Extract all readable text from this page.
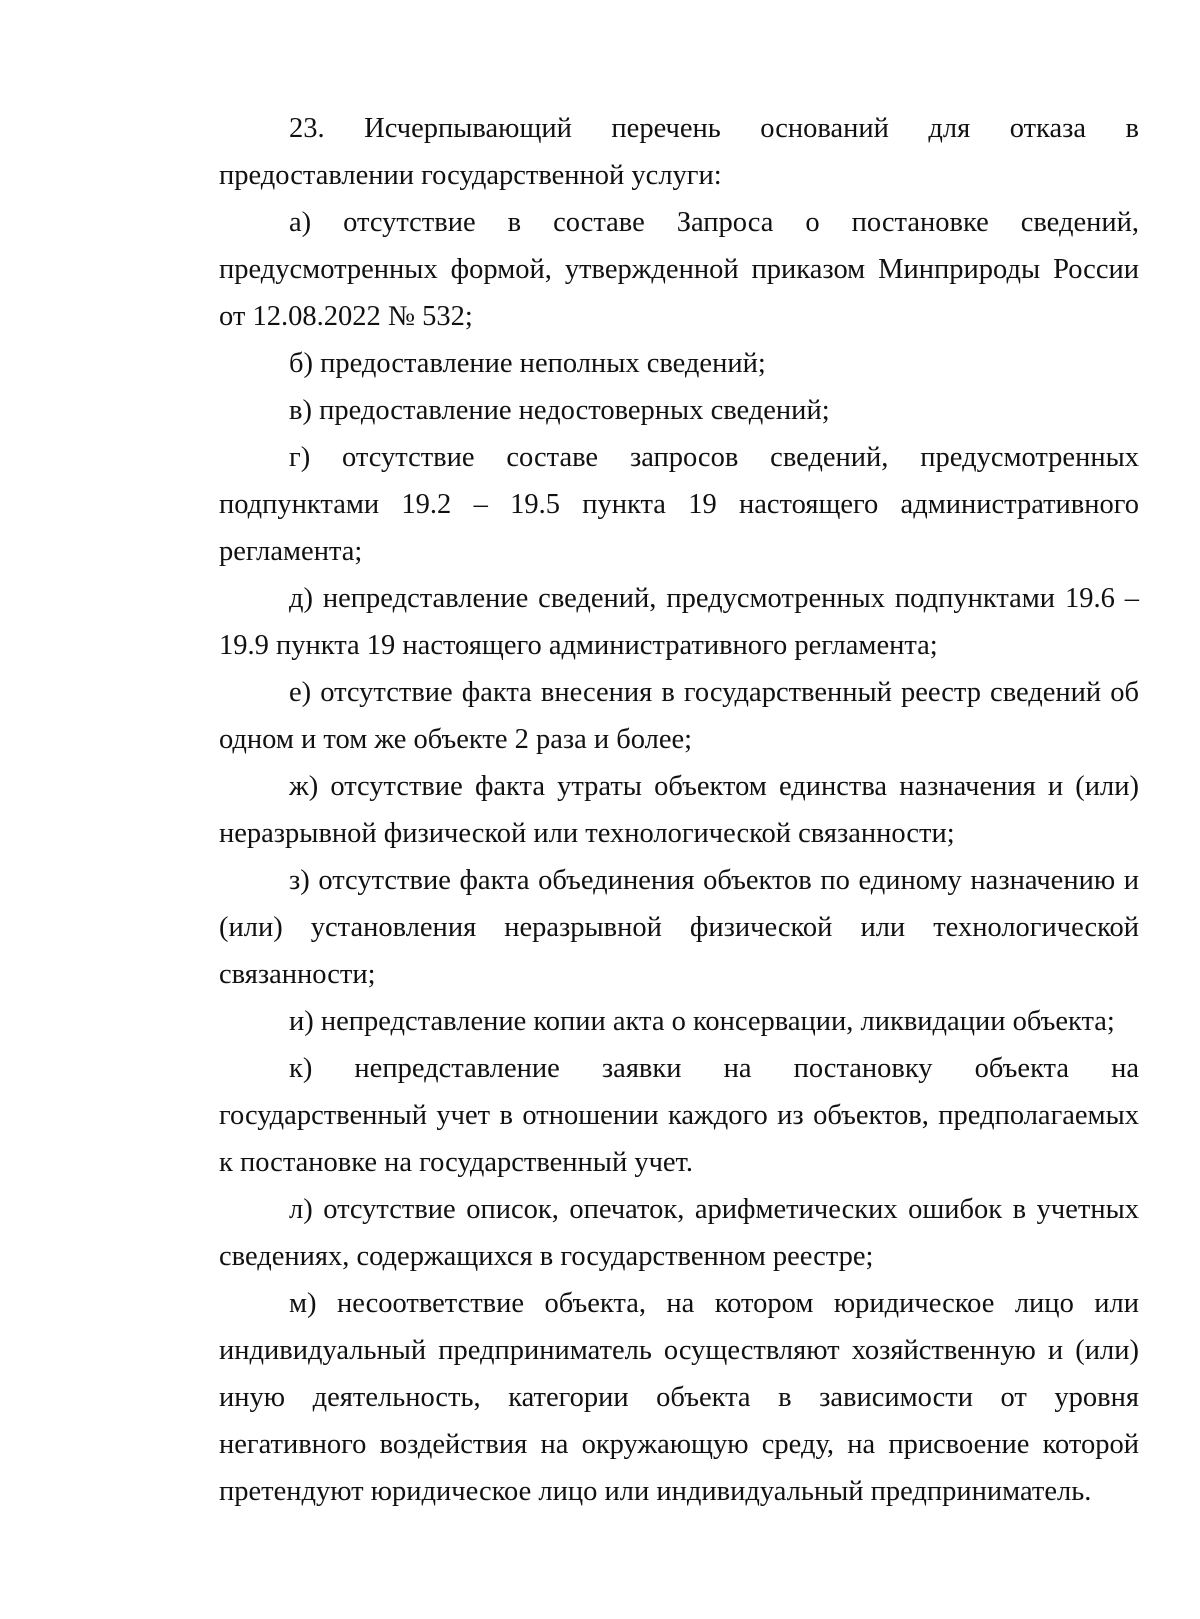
23. Исчерпывающий перечень оснований для отказа в предоставлении государственной услуги:

а) отсутствие в составе Запроса о постановке сведений, предусмотренных формой, утвержденной приказом Минприроды России от 12.08.2022 № 532;

б) предоставление неполных сведений;

в) предоставление недостоверных сведений;

г) отсутствие составе запросов сведений, предусмотренных подпунктами 19.2 – 19.5 пункта 19 настоящего административного регламента;

д) непредставление сведений, предусмотренных подпунктами 19.6 – 19.9 пункта 19 настоящего административного регламента;

е) отсутствие факта внесения в государственный реестр сведений об одном и том же объекте 2 раза и более;

ж) отсутствие факта утраты объектом единства назначения и (или) неразрывной физической или технологической связанности;

з) отсутствие факта объединения объектов по единому назначению и (или) установления неразрывной физической или технологической связанности;

и) непредставление копии акта о консервации, ликвидации объекта;

к) непредставление заявки на постановку объекта на государственный учет в отношении каждого из объектов, предполагаемых к постановке на государственный учет.

л) отсутствие описок, опечаток, арифметических ошибок в учетных сведениях, содержащихся в государственном реестре;

м) несоответствие объекта, на котором юридическое лицо или индивидуальный предприниматель осуществляют хозяйственную и (или) иную деятельность, категории объекта в зависимости от уровня негативного воздействия на окружающую среду, на присвоение которой претендуют юридическое лицо или индивидуальный предприниматель.
